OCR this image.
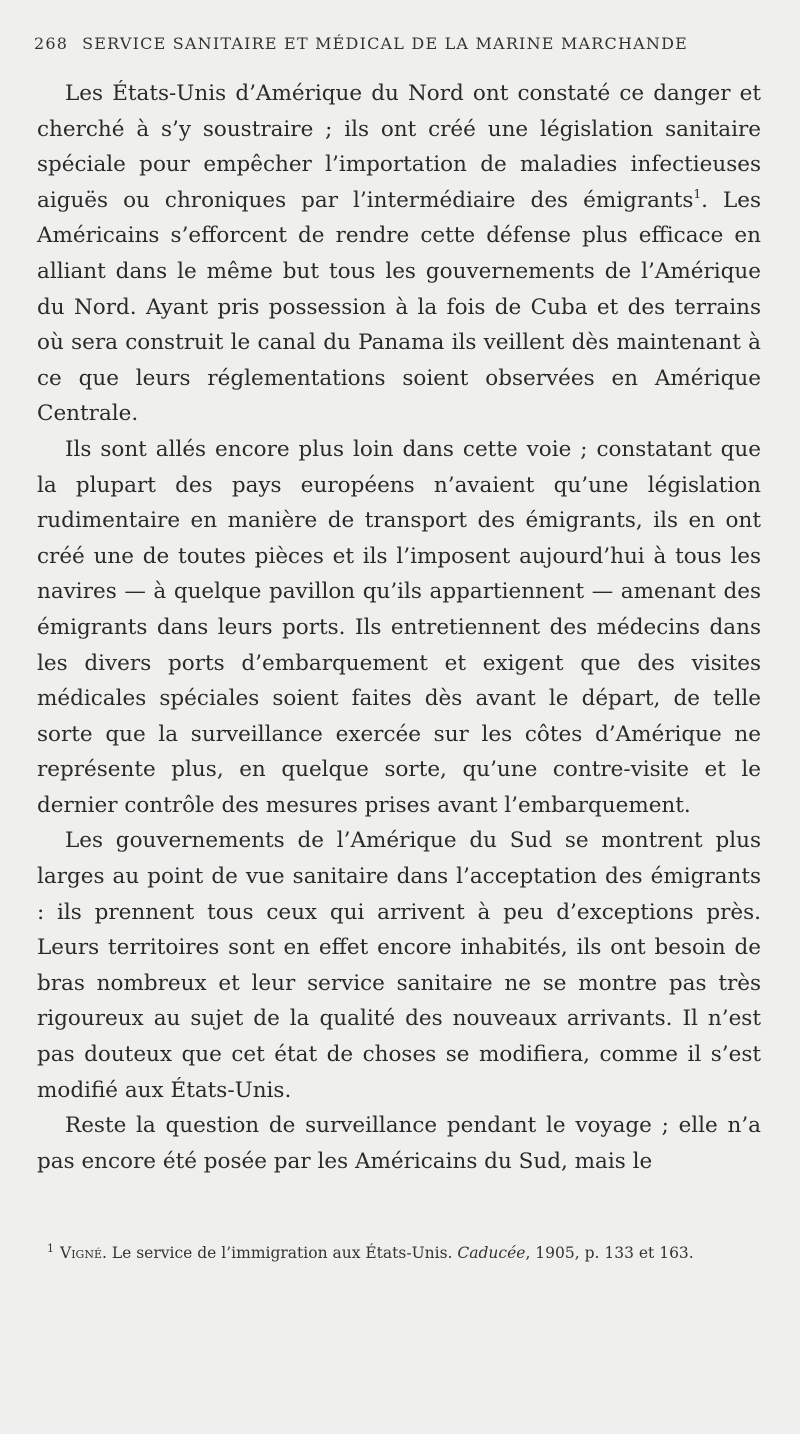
268 SERVICE SANITAIRE ET MÉDICAL DE LA MARINE MARCHANDE

Les États-Unis d’Amérique du Nord ont constaté ce danger et cherché à s’y soustraire ; ils ont créé une législation sanitaire spéciale pour empêcher l’importation de maladies infectieuses aiguës ou chroniques par l’intermédiaire des émigrants$^1$. Les Américains s’efforcent de rendre cette défense plus efficace en alliant dans le même but tous les gouvernements de l’Amérique du Nord. Ayant pris possession à la fois de Cuba et des terrains où sera construit le canal du Panama ils veillent dès maintenant à ce que leurs réglementations soient observées en Amérique Centrale.

Ils sont allés encore plus loin dans cette voie ; constatant que la plupart des pays européens n’avaient qu’une législation rudimentaire en manière de transport des émigrants, ils en ont créé une de toutes pièces et ils l’imposent aujourd’hui à tous les navires — à quelque pavillon qu’ils appartiennent — amenant des émigrants dans leurs ports. Ils entretiennent des médecins dans les divers ports d’embarquement et exigent que des visites médicales spéciales soient faites dès avant le départ, de telle sorte que la surveillance exercée sur les côtes d’Amérique ne représente plus, en quelque sorte, qu’une contre-visite et le dernier contrôle des mesures prises avant l’embarquement.

Les gouvernements de l’Amérique du Sud se montrent plus larges au point de vue sanitaire dans l’acceptation des émigrants : ils prennent tous ceux qui arrivent à peu d’exceptions près. Leurs territoires sont en effet encore inhabités, ils ont besoin de bras nombreux et leur service sanitaire ne se montre pas très rigoureux au sujet de la qualité des nouveaux arrivants. Il n’est pas douteux que cet état de choses se modifiera, comme il s’est modifié aux États-Unis.

Reste la question de surveillance pendant le voyage ; elle n’a pas encore été posée par les Américains du Sud, mais le

$^1$ Vigné. Le service de l’immigration aux États-Unis. Caducée, 1905, p. 133 et 163.
